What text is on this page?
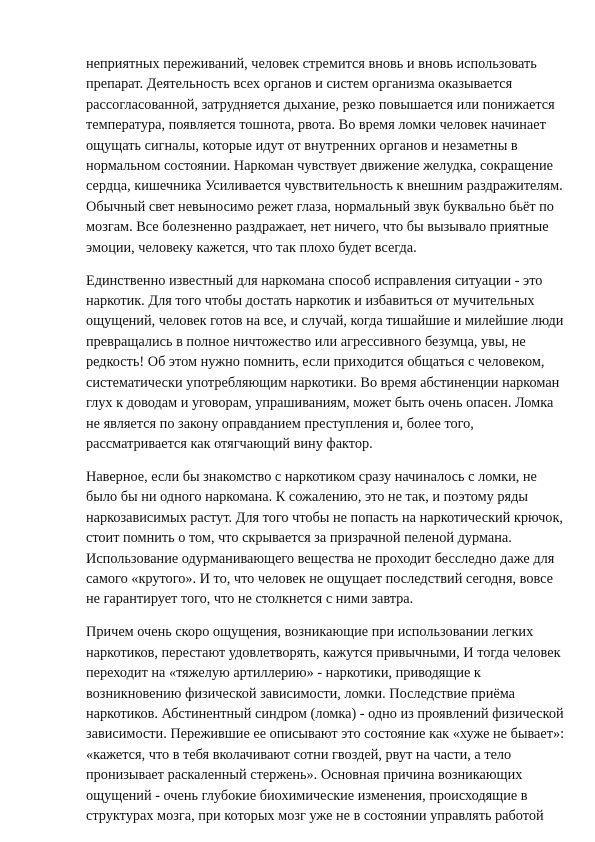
неприятных переживаний, человек стремится вновь и вновь использовать
препарат. Деятельность всех органов и систем организма оказывается
рассогласованной, затрудняется дыхание, резко повышается или понижается
температура, появляется тошнота, рвота. Во время ломки человек начинает
ощущать сигналы, которые идут от внутренних органов и незаметны в
нормальном состоянии. Наркоман чувствует движение желудка, сокращение
сердца, кишечника Усиливается чувствительность к внешним раздражителям.
Обычный свет невыносимо режет глаза, нормальный звук буквально бьёт по
мозгам. Все болезненно раздражает, нет ничего, что бы вызывало приятные
эмоции, человеку кажется, что так плохо будет всегда.

Единственно известный для наркомана способ исправления ситуации - это
наркотик. Для того чтобы достать наркотик и избавиться от мучительных
ощущений, человек готов на все, и случай, когда тишайшие и милейшие люди
превращались в полное ничтожество или агрессивного безумца, увы, не
редкость! Об этом нужно помнить, если приходится общаться с человеком,
систематически употребляющим наркотики. Во время абстиненции наркоман
глух к доводам и уговорам, упрашиваниям, может быть очень опасен. Ломка
не является по закону оправданием преступления и, более того,
рассматривается как отягчающий вину фактор.

Наверное, если бы знакомство с наркотиком сразу начиналось с ломки, не
было бы ни одного наркомана. К сожалению, это не так, и поэтому ряды
наркозависимых растут. Для того чтобы не попасть на наркотический крючок,
стоит помнить о том, что скрывается за призрачной пеленой дурмана.
Использование одурманивающего вещества не проходит бесследно даже для
самого «крутого». И то, что человек не ощущает последствий сегодня, вовсе
не гарантирует того, что не столкнется с ними завтра.

Причем очень скоро ощущения, возникающие при использовании легких
наркотиков, перестают удовлетворять, кажутся привычными, И тогда человек
переходит на «тяжелую артиллерию» - наркотики, приводящие к
возникновению физической зависимости, ломки. Последствие приёма
наркотиков. Абстинентный синдром (ломка) - одно из проявлений физической
зависимости. Пережившие ее описывают это состояние как «хуже не бывает»:
«кажется, что в тебя вколачивают сотни гвоздей, рвут на части, а тело
пронизывает раскаленный стержень». Основная причина возникающих
ощущений - очень глубокие биохимические изменения, происходящие в
структурах мозга, при которых мозг уже не в состоянии управлять работой
